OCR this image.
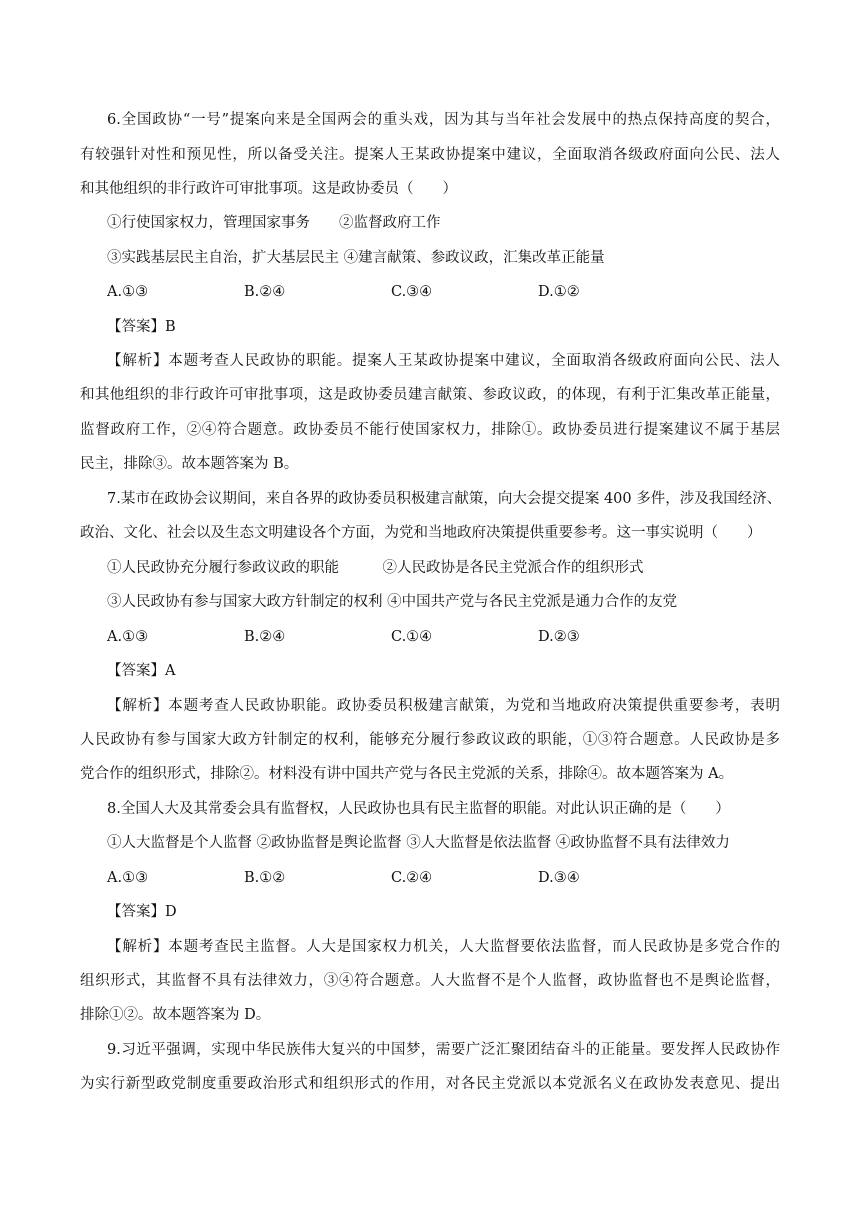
6.全国政协“一号”提案向来是全国两会的重头戏，因为其与当年社会发展中的热点保持高度的契合，
有较强针对性和预见性，所以备受关注。提案人王某政协提案中建议，全面取消各级政府面向公民、法人
和其他组织的非行政许可审批事项。这是政协委员（　　）
①行使国家权力，管理国家事务　　②监督政府工作
③实践基层民主自治，扩大基层民主 ④建言献策、参政议政，汇集改革正能量
A.①③	B.②④	C.③④	D.①②
【答案】B
【解析】本题考查人民政协的职能。提案人王某政协提案中建议，全面取消各级政府面向公民、法人
和其他组织的非行政许可审批事项，这是政协委员建言献策、参政议政，的体现，有利于汇集改革正能量，
监督政府工作，②④符合题意。政协委员不能行使国家权力，排除①。政协委员进行提案建议不属于基层
民主，排除③。故本题答案为 B。
7.某市在政协会议期间，来自各界的政协委员积极建言献策，向大会提交提案 400 多件，涉及我国经济、
政治、文化、社会以及生态文明建设各个方面，为党和当地政府决策提供重要参考。这一事实说明（　　）
①人民政协充分履行参政议政的职能　　　②人民政协是各民主党派合作的组织形式
③人民政协有参与国家大政方针制定的权利 ④中国共产党与各民主党派是通力合作的友党
A.①③	B.②④	C.①④	D.②③
【答案】A
【解析】本题考查人民政协职能。政协委员积极建言献策，为党和当地政府决策提供重要参考，表明
人民政协有参与国家大政方针制定的权利，能够充分履行参政议政的职能，①③符合题意。人民政协是多
党合作的组织形式，排除②。材料没有讲中国共产党与各民主党派的关系，排除④。故本题答案为 A。
8.全国人大及其常委会具有监督权，人民政协也具有民主监督的职能。对此认识正确的是（　　）
①人大监督是个人监督 ②政协监督是舆论监督 ③人大监督是依法监督 ④政协监督不具有法律效力
A.①③	B.①②	C.②④	D.③④
【答案】D
【解析】本题考查民主监督。人大是国家权力机关，人大监督要依法监督，而人民政协是多党合作的
组织形式，其监督不具有法律效力，③④符合题意。人大监督不是个人监督，政协监督也不是舆论监督，
排除①②。故本题答案为 D。
9.习近平强调，实现中华民族伟大复兴的中国梦，需要广泛汇聚团结奋斗的正能量。要发挥人民政协作
为实行新型政党制度重要政治形式和组织形式的作用，对各民主党派以本党派名义在政协发表意见、提出
